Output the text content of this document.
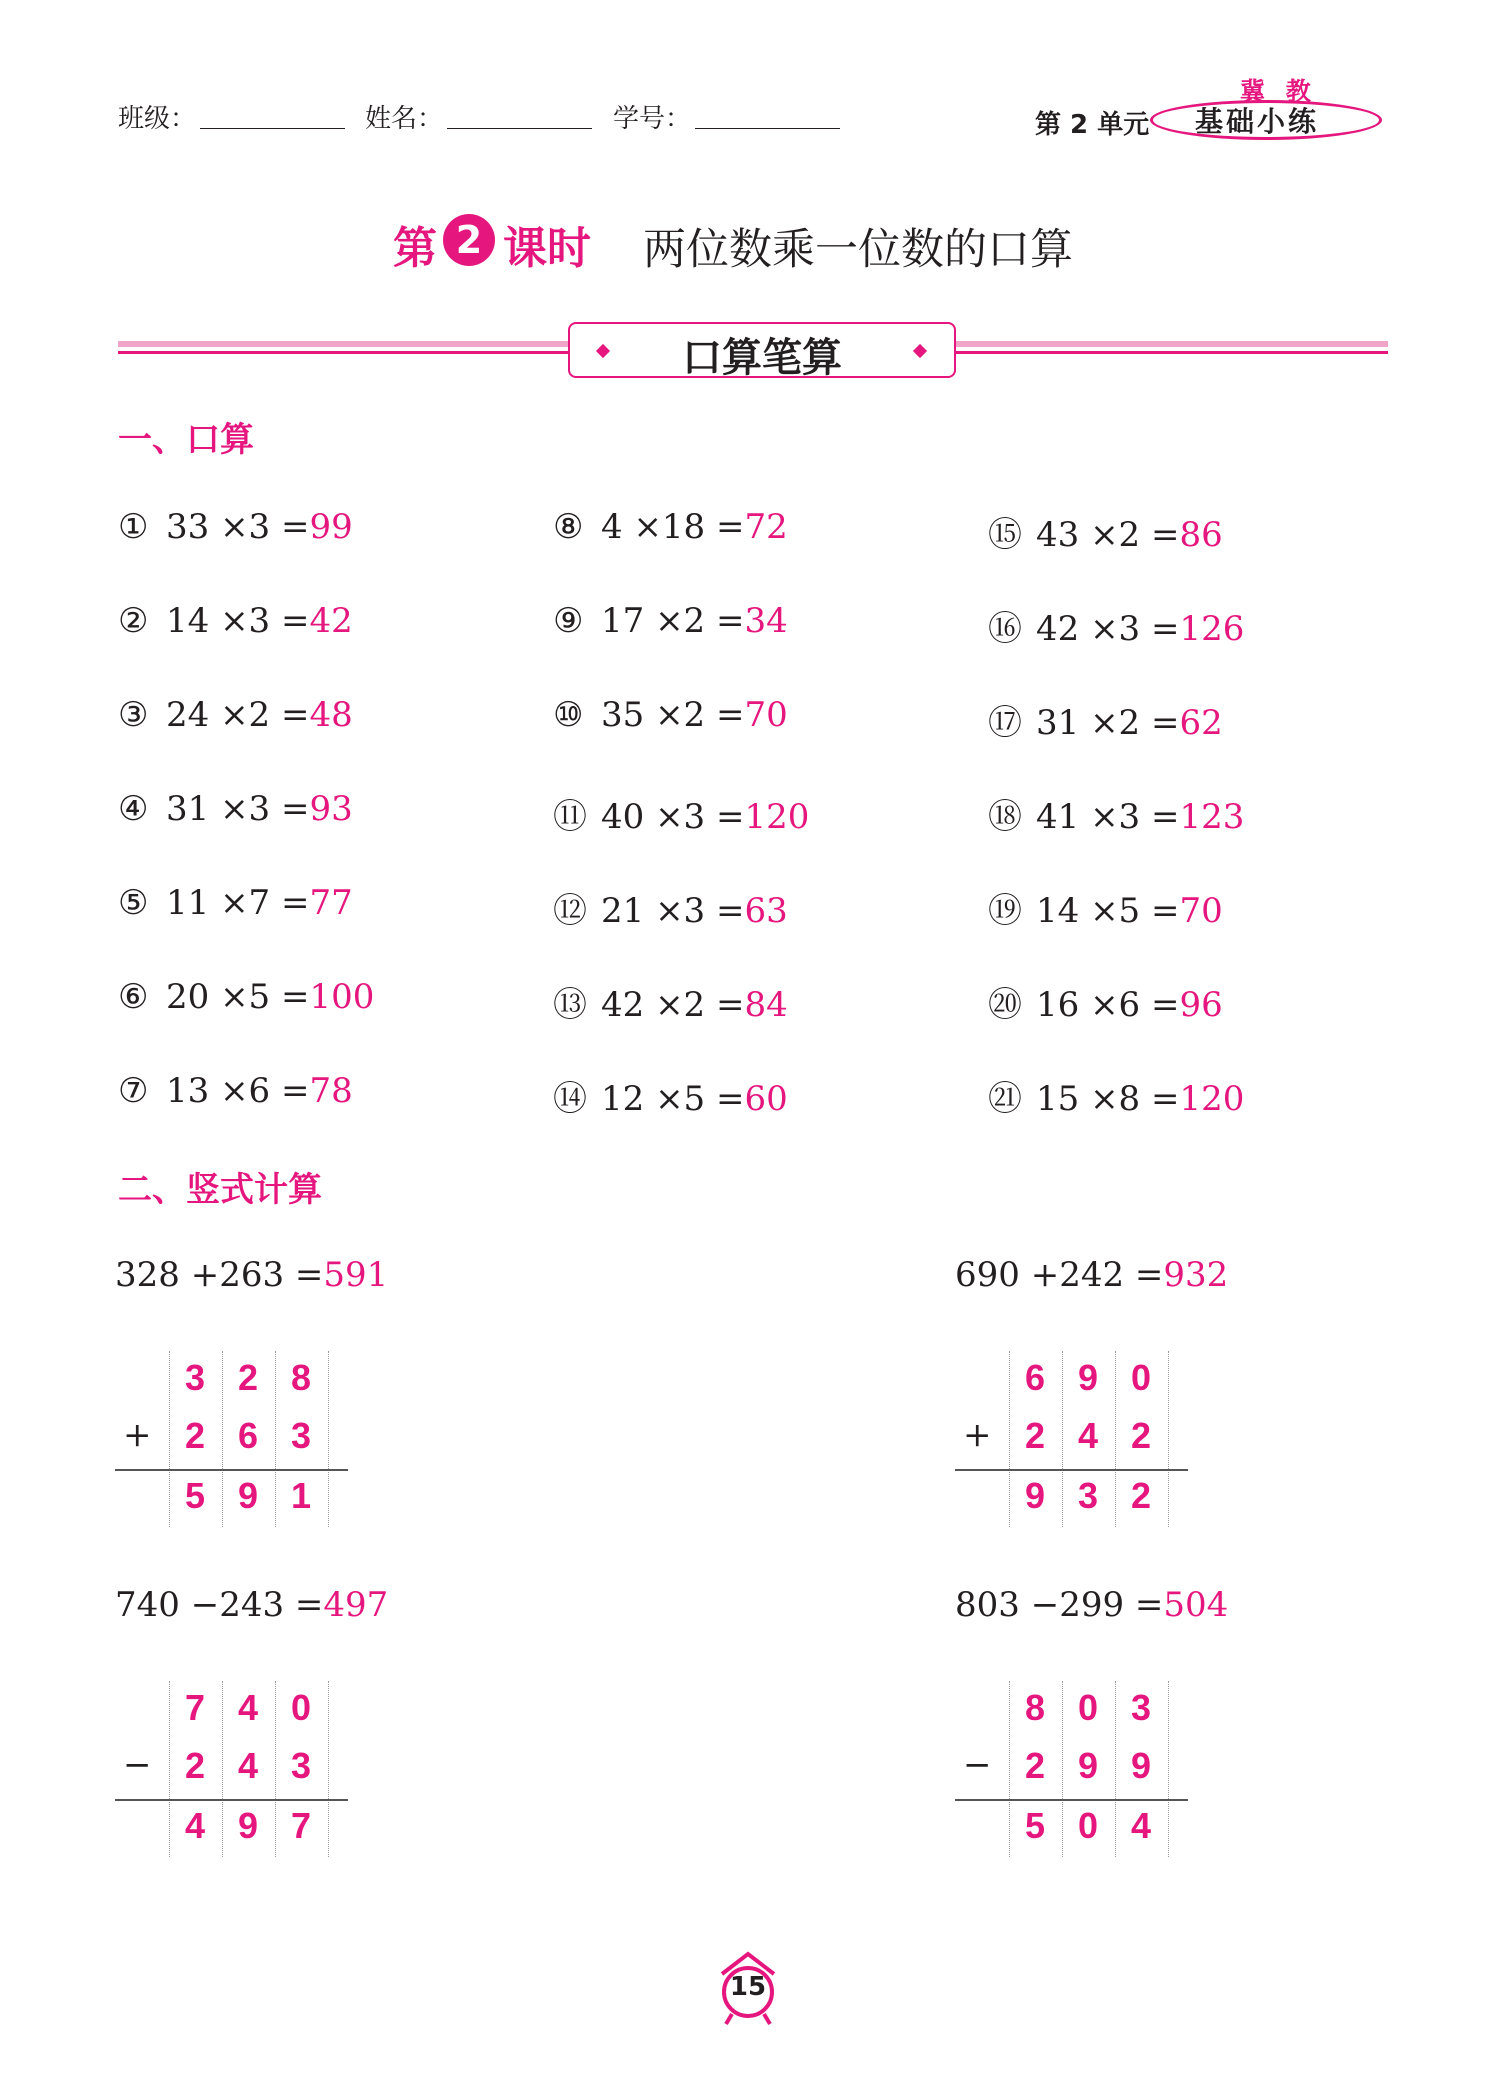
班级：	姓名：	学号：	第 2 单元
冀 教
基础小练
第 2 课时 两位数乘一位数的口算
口算笔算
一、口算
① 33 ×3 =99
② 14 ×3 =42
③ 24 ×2 =48
④ 31 ×3 =93
⑤ 11 ×7 =77
⑥ 20 ×5 =100
⑦ 13 ×6 =78
⑧ 4 ×18 =72
⑨ 17 ×2 =34
⑩ 35 ×2 =70
⑪ 40 ×3 =120
⑫ 21 ×3 =63
⑬ 42 ×2 =84
⑭ 12 ×5 =60
⑮ 43 ×2 =86
⑯ 42 ×3 =126
⑰ 31 ×2 =62
⑱ 41 ×3 =123
⑲ 14 ×5 =70
⑳ 16 ×6 =96
㉑ 15 ×8 =120
二、竖式计算
328 +263 =591
+
3 2 8
2 6 3
5 9 1
690 +242 =932
+
6 9 0
2 4 2
9 3 2
740 −243 =497
−
7 4 0
2 4 3
4 9 7
803 −299 =504
−
8 0 3
2 9 9
5 0 4
15
